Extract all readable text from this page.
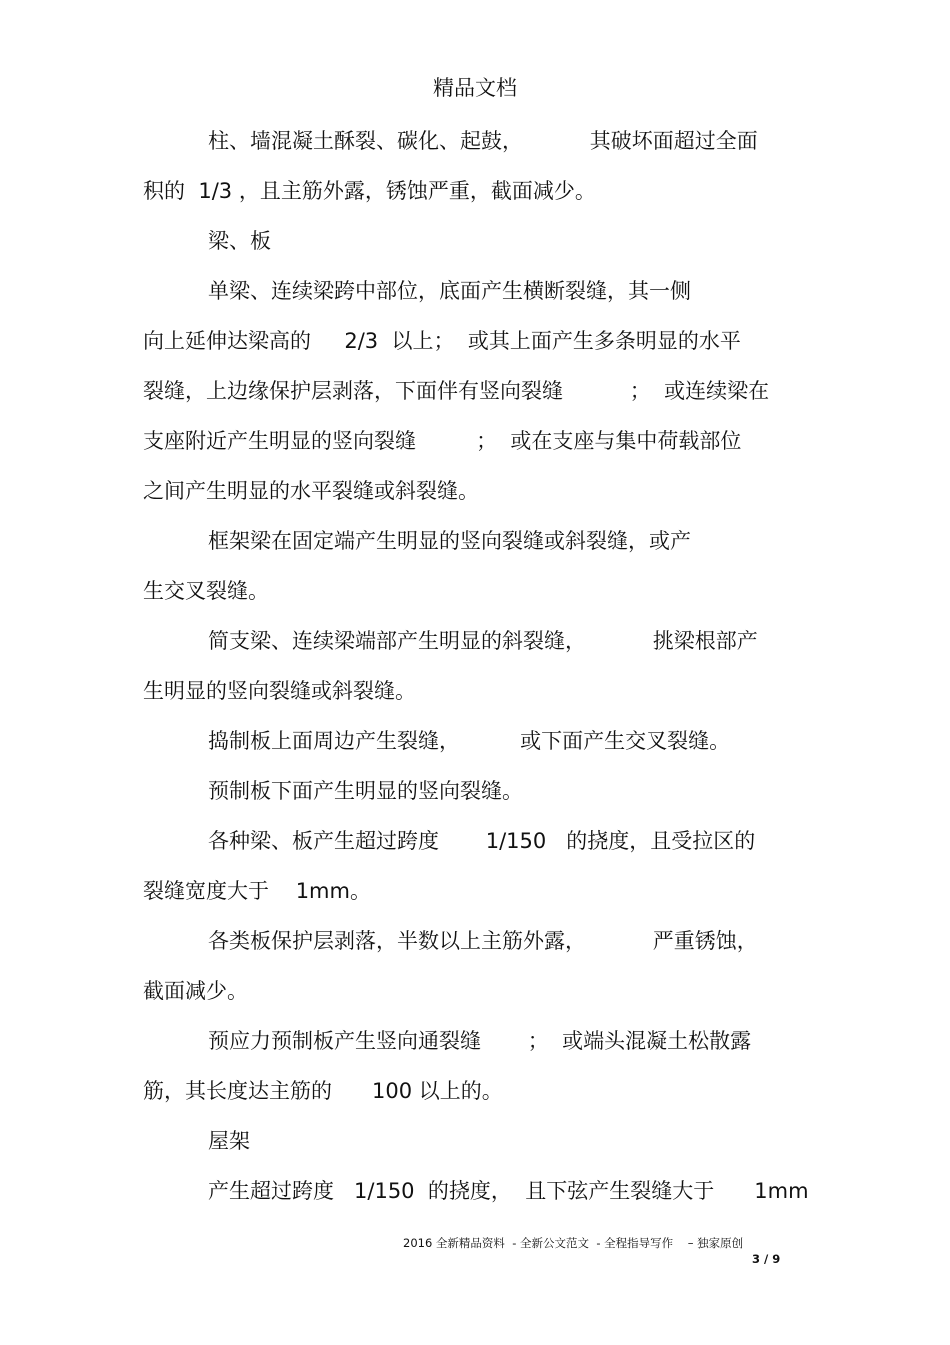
精品文档
柱、墙混凝土酥裂、碳化、起鼓，          其破坏面超过全面
积的  1/3 ，且主筋外露，锈蚀严重，截面减少。
梁、板
单梁、连续梁跨中部位，底面产生横断裂缝，其一侧
向上延伸达梁高的     2/3  以上；  或其上面产生多条明显的水平
裂缝，上边缘保护层剥落，下面伴有竖向裂缝          ；  或连续梁在
支座附近产生明显的竖向裂缝         ；  或在支座与集中荷载部位
之间产生明显的水平裂缝或斜裂缝。
框架梁在固定端产生明显的竖向裂缝或斜裂缝，或产
生交叉裂缝。
简支梁、连续梁端部产生明显的斜裂缝，          挑梁根部产
生明显的竖向裂缝或斜裂缝。
捣制板上面周边产生裂缝，         或下面产生交叉裂缝。
预制板下面产生明显的竖向裂缝。
各种梁、板产生超过跨度       1/150   的挠度，且受拉区的
裂缝宽度大于    1mm。
各类板保护层剥落，半数以上主筋外露，          严重锈蚀，
截面减少。
预应力预制板产生竖向通裂缝       ；  或端头混凝土松散露
筋，其长度达主筋的      100 以上的。
屋架
产生超过跨度   1/150  的挠度，  且下弦产生裂缝大于      1mm
2016 全新精品资料  - 全新公文范文  - 全程指导写作    – 独家原创
3 / 9
